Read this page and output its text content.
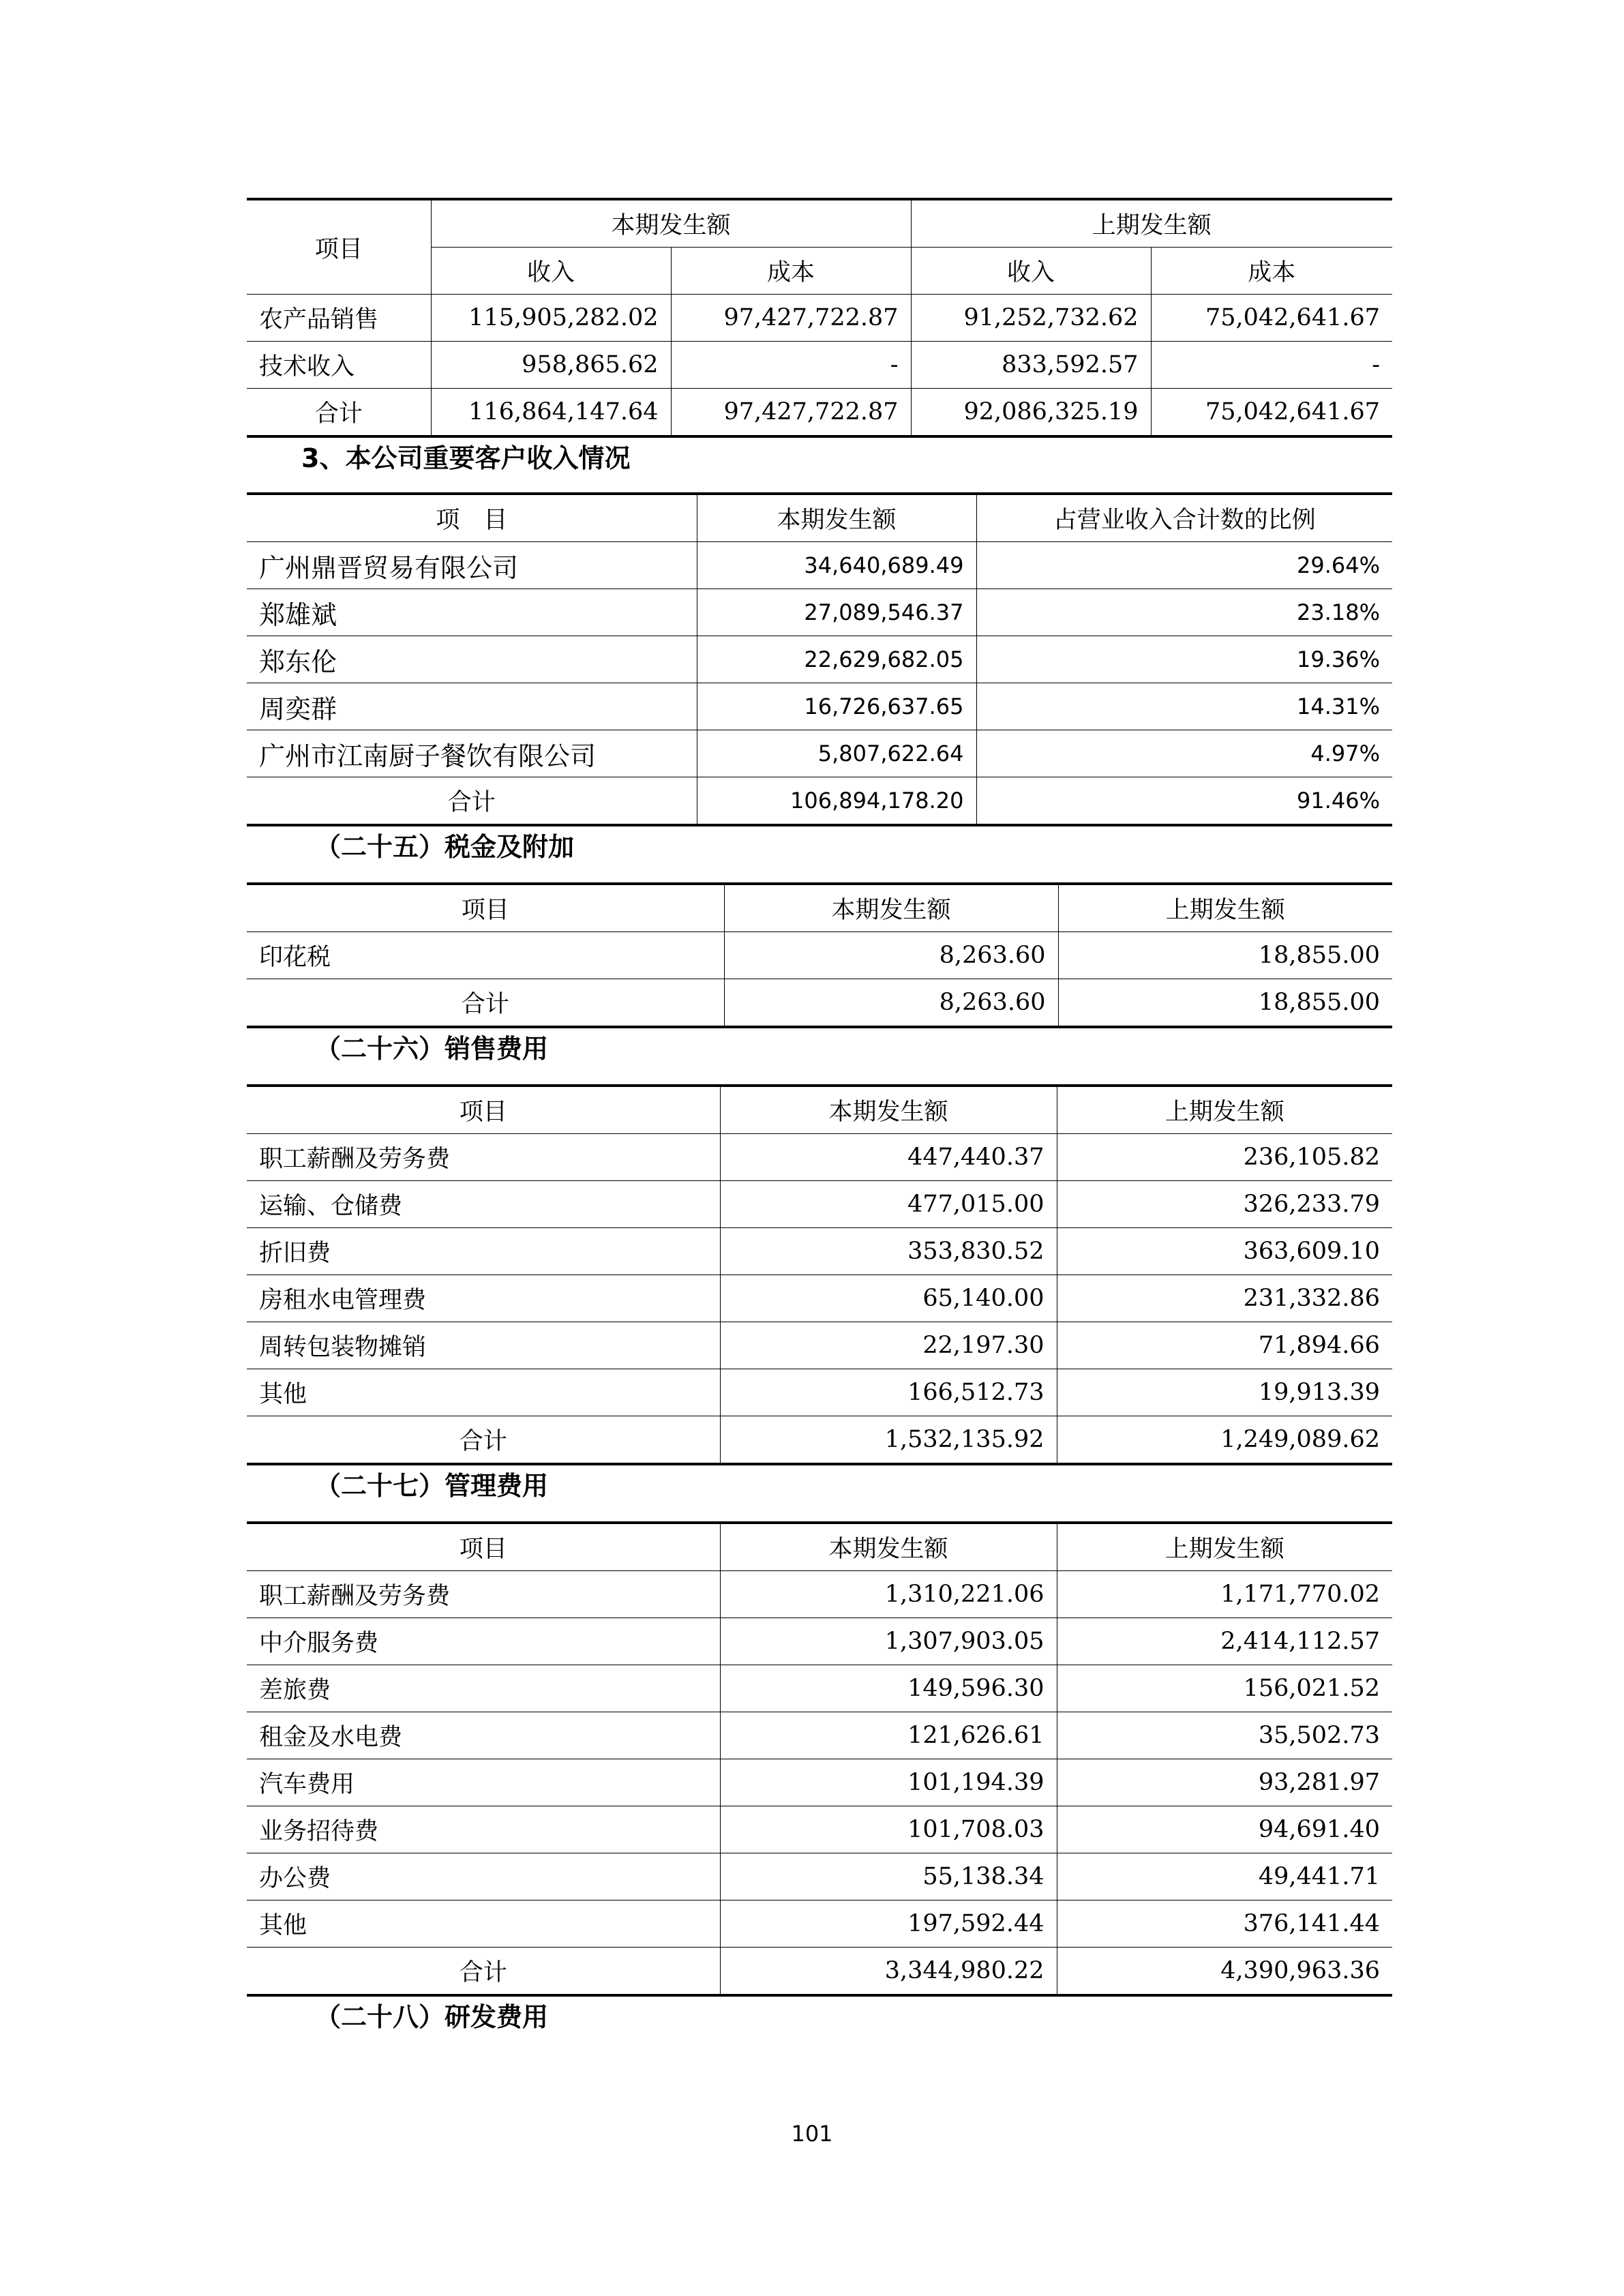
项目	本期发生额		上期发生额	
	收入	成本	收入	成本
农产品销售	115,905,282.02	97,427,722.87	91,252,732.62	75,042,641.67
技术收入	958,865.62	-	833,592.57	-
合计	116,864,147.64	97,427,722.87	92,086,325.19	75,042,641.67
3、本公司重要客户收入情况
项　目	本期发生额	占营业收入合计数的比例
广州鼎晋贸易有限公司	34,640,689.49	29.64%
郑雄斌	27,089,546.37	23.18%
郑东伦	22,629,682.05	19.36%
周奕群	16,726,637.65	14.31%
广州市江南厨子餐饮有限公司	5,807,622.64	4.97%
合计	106,894,178.20	91.46%
（二十五）税金及附加
项目	本期发生额	上期发生额
印花税	8,263.60	18,855.00
合计	8,263.60	18,855.00
（二十六）销售费用
项目	本期发生额	上期发生额
职工薪酬及劳务费	447,440.37	236,105.82
运输、仓储费	477,015.00	326,233.79
折旧费	353,830.52	363,609.10
房租水电管理费	65,140.00	231,332.86
周转包装物摊销	22,197.30	71,894.66
其他	166,512.73	19,913.39
合计	1,532,135.92	1,249,089.62
（二十七）管理费用
项目	本期发生额	上期发生额
职工薪酬及劳务费	1,310,221.06	1,171,770.02
中介服务费	1,307,903.05	2,414,112.57
差旅费	149,596.30	156,021.52
租金及水电费	121,626.61	35,502.73
汽车费用	101,194.39	93,281.97
业务招待费	101,708.03	94,691.40
办公费	55,138.34	49,441.71
其他	197,592.44	376,141.44
合计	3,344,980.22	4,390,963.36
（二十八）研发费用
101
